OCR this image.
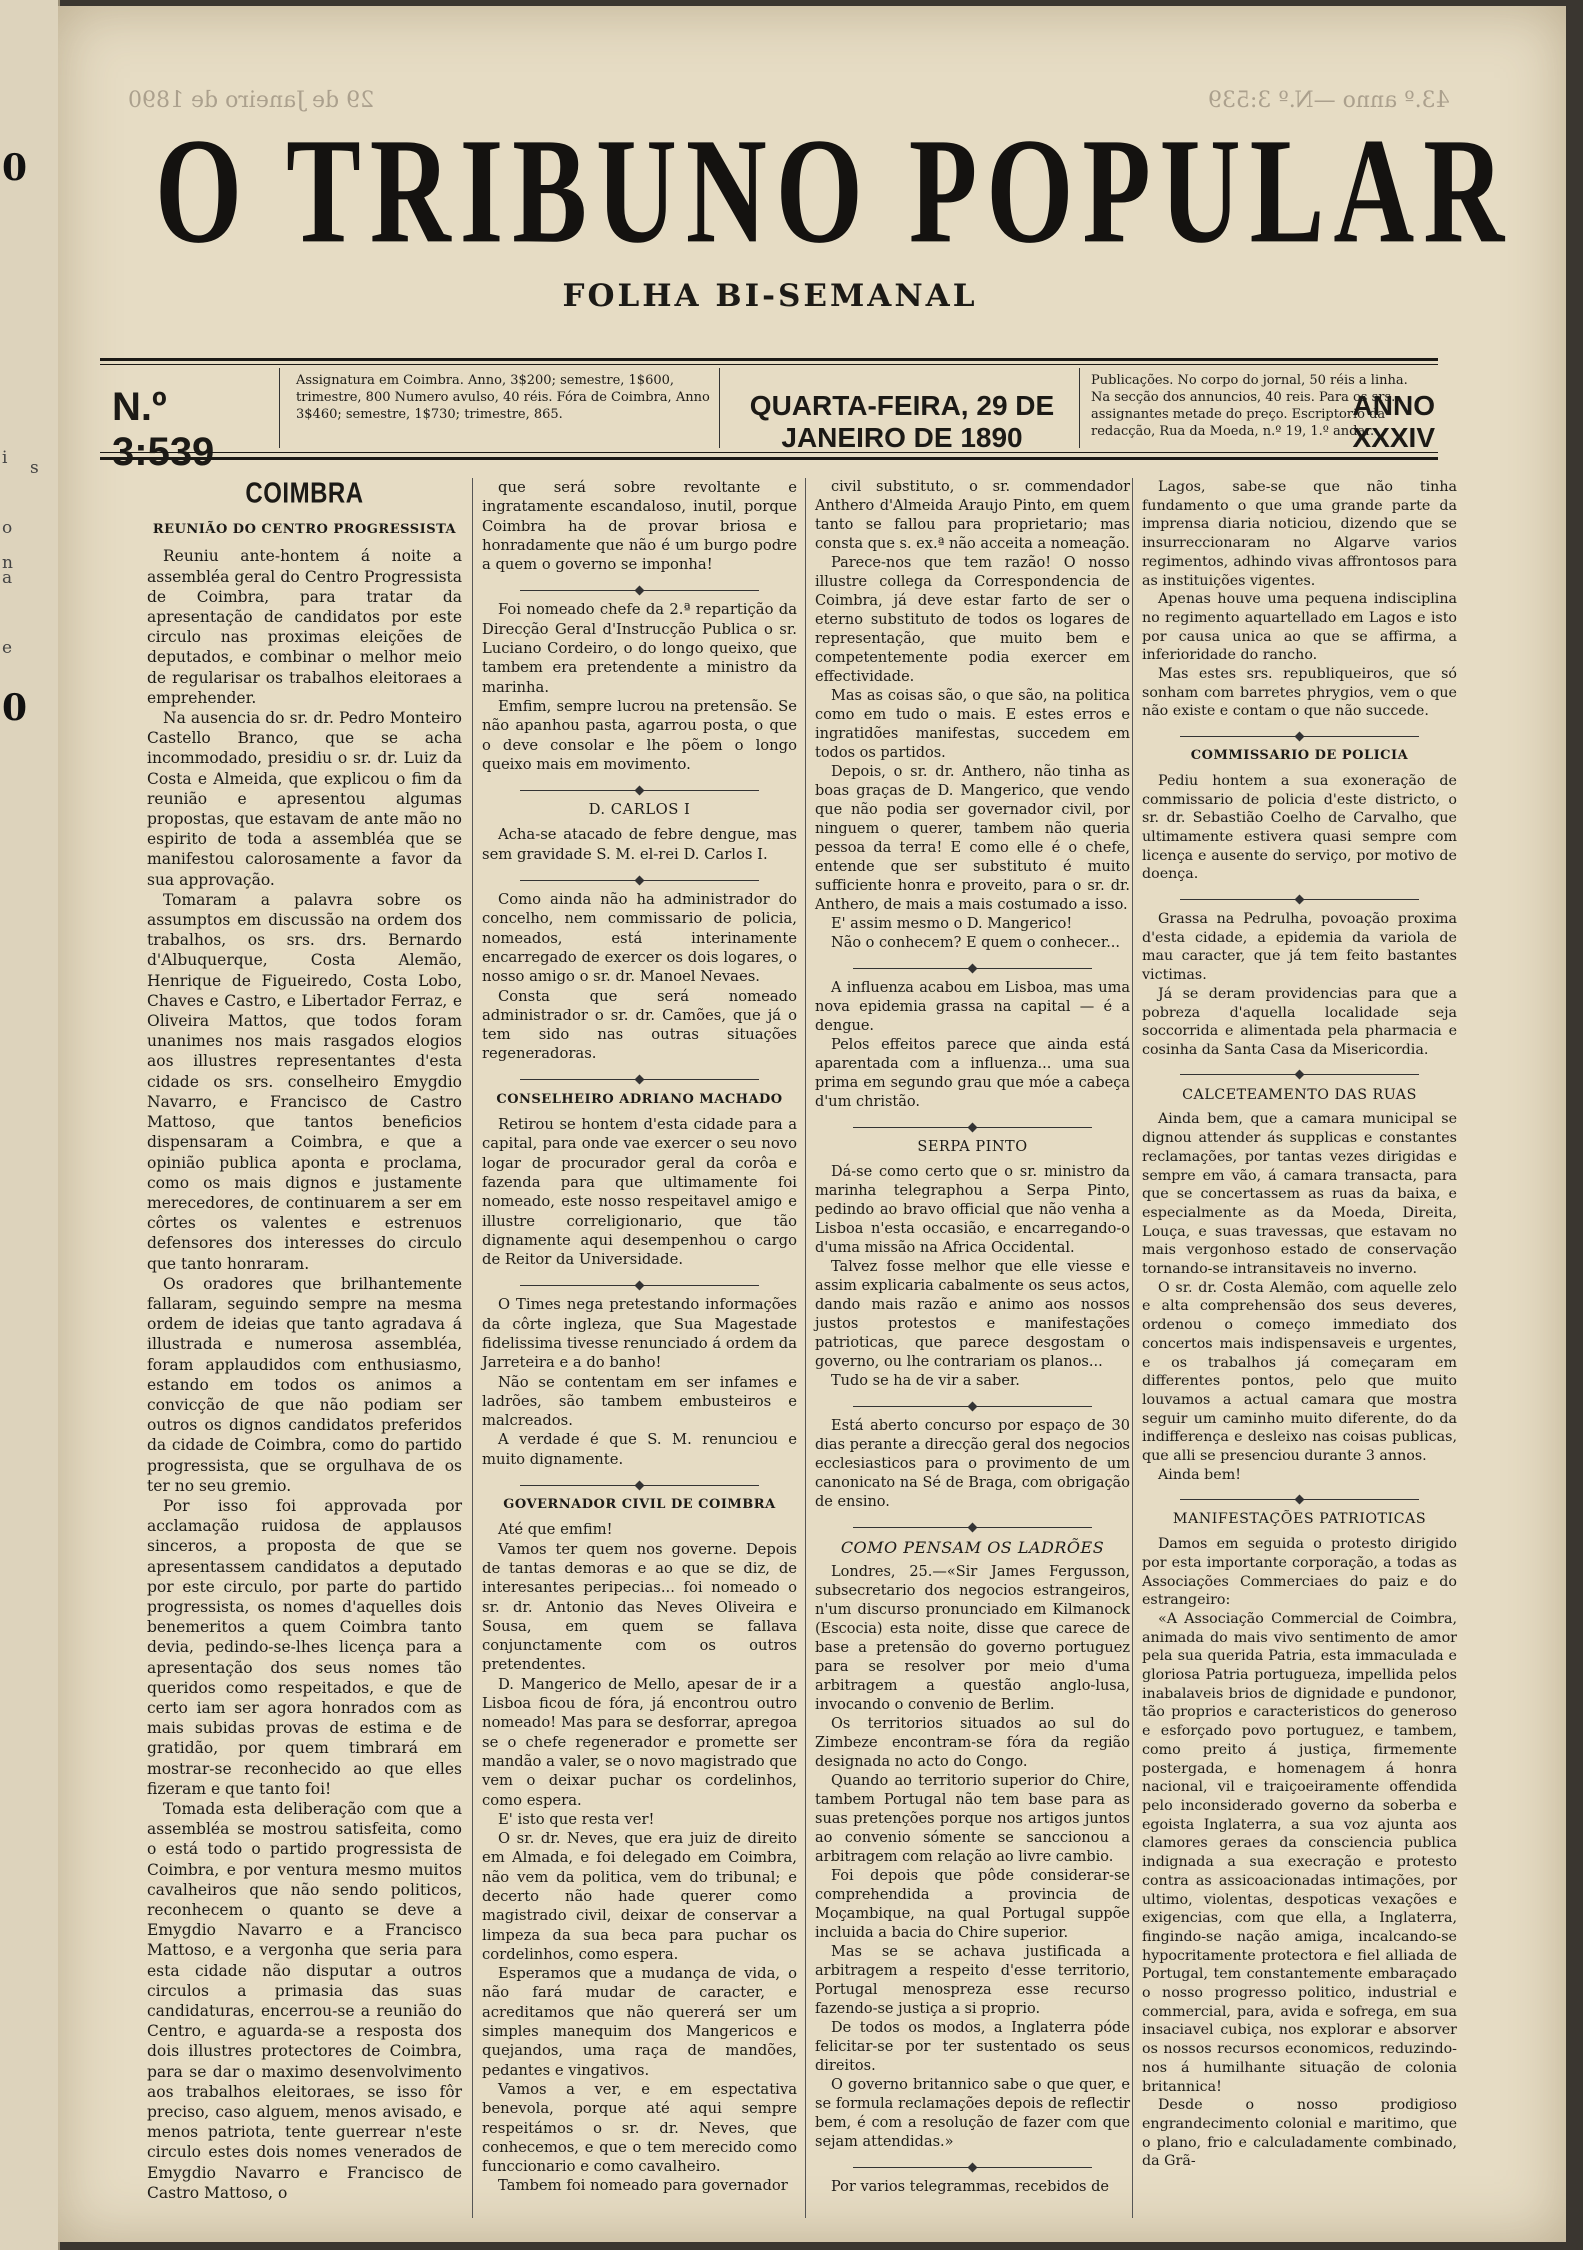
0
i
o
s
n
a
e
0
29 de Janeiro de 1890	43.º anno —N.º 3:539
O TRIBUNO POPULAR
FOLHA BI-SEMANAL
N.º 3:539
Assignatura em Coimbra. Anno, 3$200; semestre, 1$600, trimestre, 800 Numero avulso, 40 réis. Fóra de Coimbra, Anno 3$460; semestre, 1$730; trimestre, 865.	QUARTA-FEIRA, 29 DE JANEIRO DE 1890
Publicações. No corpo do jornal, 50 réis a linha. Na secção dos annuncios, 40 reis. Para os srs. assignantes metade do preço. Escriptorio da redacção, Rua da Moeda, n.º 19, 1.º andar.
ANNO XXXIV
COIMBRA
REUNIÃO DO CENTRO PROGRESSISTA

Reuniu ante-hontem á noite a assembléa geral do Centro Progressista de Coimbra, para tratar da apresentação de candidatos por este circulo nas proximas eleições de deputados, e combinar o melhor meio de regularisar os trabalhos eleitoraes a emprehender.

Na ausencia do sr. dr. Pedro Monteiro Castello Branco, que se acha incommodado, presidiu o sr. dr. Luiz da Costa e Almeida, que explicou o fim da reunião e apresentou algumas propostas, que estavam de ante mão no espirito de toda a assembléa que se manifestou calorosamente a favor da sua approvação.

Tomaram a palavra sobre os assumptos em discussão na ordem dos trabalhos, os srs. drs. Bernardo d'Albuquerque, Costa Alemão, Henrique de Figueiredo, Costa Lobo, Chaves e Castro, e Libertador Ferraz, e Oliveira Mattos, que todos foram unanimes nos mais rasgados elogios aos illustres representantes d'esta cidade os srs. conselheiro Emygdio Navarro, e Francisco de Castro Mattoso, que tantos beneficios dispensaram a Coimbra, e que a opinião publica aponta e proclama, como os mais dignos e justamente merecedores, de continuarem a ser em côrtes os valentes e estrenuos defensores dos interesses do circulo que tanto honraram.

Os oradores que brilhantemente fallaram, seguindo sempre na mesma ordem de ideias que tanto agradava á illustrada e numerosa assembléa, foram applaudidos com enthusiasmo, estando em todos os animos a convicção de que não podiam ser outros os dignos candidatos preferidos da cidade de Coimbra, como do partido progressista, que se orgulhava de os ter no seu gremio.

Por isso foi approvada por acclamação ruidosa de applausos sinceros, a proposta de que se apresentassem candidatos a deputado por este circulo, por parte do partido progressista, os nomes d'aquelles dois benemeritos a quem Coimbra tanto devia, pedindo-se-lhes licença para a apresentação dos seus nomes tão queridos como respeitados, e que de certo iam ser agora honrados com as mais subidas provas de estima e de gratidão, por quem timbrará em mostrar-se reconhecido ao que elles fizeram e que tanto foi!

Tomada esta deliberação com que a assembléa se mostrou satisfeita, como o está todo o partido progressista de Coimbra, e por ventura mesmo muitos cavalheiros que não sendo politicos, reconhecem o quanto se deve a Emygdio Navarro e a Francisco Mattoso, e a vergonha que seria para esta cidade não disputar a outros circulos a primasia das suas candidaturas, encerrou-se a reunião do Centro, e aguarda-se a resposta dos dois illustres protectores de Coimbra, para se dar o maximo desenvolvimento aos trabalhos eleitoraes, se isso fôr preciso, caso alguem, menos avisado, e menos patriota, tente guerrear n'este circulo estes dois nomes venerados de Emygdio Navarro e Francisco de Castro Mattoso, o

que será sobre revoltante e ingratamente escandaloso, inutil, porque Coimbra ha de provar briosa e honradamente que não é um burgo podre a quem o governo se imponha!

Foi nomeado chefe da 2.ª repartição da Direcção Geral d'Instrucção Publica o sr. Luciano Cordeiro, o do longo queixo, que tambem era pretendente a ministro da marinha.

Emfim, sempre lucrou na pretensão. Se não apanhou pasta, agarrou posta, o que o deve consolar e lhe põem o longo queixo mais em movimento.

D. CARLOS I

Acha-se atacado de febre dengue, mas sem gravidade S. M. el-rei D. Carlos I.

Como ainda não ha administrador do concelho, nem commissario de policia, nomeados, está interinamente encarregado de exercer os dois logares, o nosso amigo o sr. dr. Manoel Nevaes.

Consta que será nomeado administrador o sr. dr. Camões, que já o tem sido nas outras situações regeneradoras.

CONSELHEIRO ADRIANO MACHADO

Retirou se hontem d'esta cidade para a capital, para onde vae exercer o seu novo logar de procurador geral da corôa e fazenda para que ultimamente foi nomeado, este nosso respeitavel amigo e illustre correligionario, que tão dignamente aqui desempenhou o cargo de Reitor da Universidade.

O Times nega pretestando informações da côrte ingleza, que Sua Magestade fidelissima tivesse renunciado á ordem da Jarreteira e a do banho!

Não se contentam em ser infames e ladrões, são tambem embusteiros e malcreados.

A verdade é que S. M. renunciou e muito dignamente.

GOVERNADOR CIVIL DE COIMBRA

Até que emfim!

Vamos ter quem nos governe. Depois de tantas demoras e ao que se diz, de interesantes peripecias... foi nomeado o sr. dr. Antonio das Neves Oliveira e Sousa, em quem se fallava conjunctamente com os outros pretendentes.

D. Mangerico de Mello, apesar de ir a Lisboa ficou de fóra, já encontrou outro nomeado! Mas para se desforrar, apregoa se o chefe regenerador e promette ser mandão a valer, se o novo magistrado que vem o deixar puchar os cordelinhos, como espera.

E' isto que resta ver!

O sr. dr. Neves, que era juiz de direito em Almada, e foi delegado em Coimbra, não vem da politica, vem do tribunal; e decerto não hade querer como magistrado civil, deixar de conservar a limpeza da sua beca para puchar os cordelinhos, como espera.

Esperamos que a mudança de vida, o não fará mudar de caracter, e acreditamos que não quererá ser um simples manequim dos Mangericos e quejandos, uma raça de mandões, pedantes e vingativos.

Vamos a ver, e em espectativa benevola, porque até aqui sempre respeitámos o sr. dr. Neves, que conhecemos, e que o tem merecido como funccionario e como cavalheiro.

Tambem foi nomeado para governador

civil substituto, o sr. commendador Anthero d'Almeida Araujo Pinto, em quem tanto se fallou para proprietario; mas consta que s. ex.ª não acceita a nomeação.

Parece-nos que tem razão! O nosso illustre collega da Correspondencia de Coimbra, já deve estar farto de ser o eterno substituto de todos os logares de representação, que muito bem e competentemente podia exercer em effectividade.

Mas as coisas são, o que são, na politica como em tudo o mais. E estes erros e ingratidões manifestas, succedem em todos os partidos.

Depois, o sr. dr. Anthero, não tinha as boas graças de D. Mangerico, que vendo que não podia ser governador civil, por ninguem o querer, tambem não queria pessoa da terra! E como elle é o chefe, entende que ser substituto é muito sufficiente honra e proveito, para o sr. dr. Anthero, de mais a mais costumado a isso.

E' assim mesmo o D. Mangerico!

Não o conhecem? E quem o conhecer...

A influenza acabou em Lisboa, mas uma nova epidemia grassa na capital — é a dengue.

Pelos effeitos parece que ainda está aparentada com a influenza... uma sua prima em segundo grau que móe a cabeça d'um christão.

SERPA PINTO

Dá-se como certo que o sr. ministro da marinha telegraphou a Serpa Pinto, pedindo ao bravo official que não venha a Lisboa n'esta occasião, e encarregando-o d'uma missão na Africa Occidental.

Talvez fosse melhor que elle viesse e assim explicaria cabalmente os seus actos, dando mais razão e animo aos nossos justos protestos e manifestações patrioticas, que parece desgostam o governo, ou lhe contrariam os planos...

Tudo se ha de vir a saber.

Está aberto concurso por espaço de 30 dias perante a direcção geral dos negocios ecclesiasticos para o provimento de um canonicato na Sé de Braga, com obrigação de ensino.

COMO PENSAM OS LADRÕES

Londres, 25.—«Sir James Fergusson, subsecretario dos negocios estrangeiros, n'um discurso pronunciado em Kilmanock (Escocia) esta noite, disse que carece de base a pretensão do governo portuguez para se resolver por meio d'uma arbitragem a questão anglo-lusa, invocando o convenio de Berlim.

Os territorios situados ao sul do Zimbeze encontram-se fóra da região designada no acto do Congo.

Quando ao territorio superior do Chire, tambem Portugal não tem base para as suas pretenções porque nos artigos juntos ao convenio sómente se sanccionou a arbitragem com relação ao livre cambio.

Foi depois que pôde considerar-se comprehendida a provincia de Moçambique, na qual Portugal suppõe incluida a bacia do Chire superior.

Mas se se achava justificada a arbitragem a respeito d'esse territorio, Portugal menospreza esse recurso fazendo-se justiça a si proprio.

De todos os modos, a Inglaterra póde felicitar-se por ter sustentado os seus direitos.

O governo britannico sabe o que quer, e se formula reclamações depois de reflectir bem, é com a resolução de fazer com que sejam attendidas.»

Por varios telegrammas, recebidos de

Lagos, sabe-se que não tinha fundamento o que uma grande parte da imprensa diaria noticiou, dizendo que se insurreccionaram no Algarve varios regimentos, adhindo vivas affrontosos para as instituições vigentes.

Apenas houve uma pequena indisciplina no regimento aquartellado em Lagos e isto por causa unica ao que se affirma, a inferioridade do rancho.

Mas estes srs. republiqueiros, que só sonham com barretes phrygios, vem o que não existe e contam o que não succede.

COMMISSARIO DE POLICIA

Pediu hontem a sua exoneração de commissario de policia d'este districto, o sr. dr. Sebastião Coelho de Carvalho, que ultimamente estivera quasi sempre com licença e ausente do serviço, por motivo de doença.

Grassa na Pedrulha, povoação proxima d'esta cidade, a epidemia da variola de mau caracter, que já tem feito bastantes victimas.

Já se deram providencias para que a pobreza d'aquella localidade seja soccorrida e alimentada pela pharmacia e cosinha da Santa Casa da Misericordia.

CALCETEAMENTO DAS RUAS

Ainda bem, que a camara municipal se dignou attender ás supplicas e constantes reclamações, por tantas vezes dirigidas e sempre em vão, á camara transacta, para que se concertassem as ruas da baixa, e especialmente as da Moeda, Direita, Louça, e suas travessas, que estavam no mais vergonhoso estado de conservação tornando-se intransitaveis no inverno.

O sr. dr. Costa Alemão, com aquelle zelo e alta comprehensão dos seus deveres, ordenou o começo immediato dos concertos mais indispensaveis e urgentes, e os trabalhos já começaram em differentes pontos, pelo que muito louvamos a actual camara que mostra seguir um caminho muito diferente, do da indifferença e desleixo nas coisas publicas, que alli se presenciou durante 3 annos.

Ainda bem!

MANIFESTAÇÕES PATRIOTICAS

Damos em seguida o protesto dirigido por esta importante corporação, a todas as Associações Commerciaes do paiz e do estrangeiro:

«A Associação Commercial de Coimbra, animada do mais vivo sentimento de amor pela sua querida Patria, esta immaculada e gloriosa Patria portugueza, impellida pelos inabalaveis brios de dignidade e pundonor, tão proprios e caracteristicos do generoso e esforçado povo portuguez, e tambem, como preito á justiça, firmemente postergada, e homenagem á honra nacional, vil e traiçoeiramente offendida pelo inconsiderado governo da soberba e egoista Inglaterra, a sua voz ajunta aos clamores geraes da consciencia publica indignada a sua execração e protesto contra as assicoacionadas intimações, por ultimo, violentas, despoticas vexações e exigencias, com que ella, a Inglaterra, fingindo-se nação amiga, incalcando-se hypocritamente protectora e fiel alliada de Portugal, tem constantemente embaraçado o nosso progresso politico, industrial e commercial, para, avida e sofrega, em sua insaciavel cubiça, nos explorar e absorver os nossos recursos economicos, reduzindo-nos á humilhante situação de colonia britannica!

Desde o nosso prodigioso engrandecimento colonial e maritimo, que o plano, frio e calculadamente combinado, da Grã-
